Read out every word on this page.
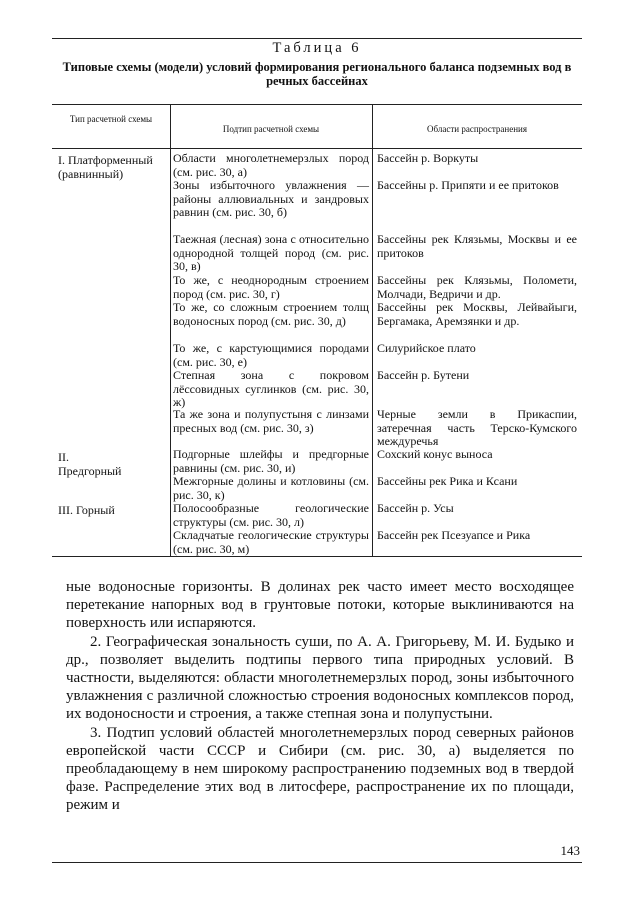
Таблица 6
Типовые схемы (модели) условий формирования регионального баланса подземных вод в речных бассейнах
Тип расчетной схемы
Подтип расчетной схемы	Области распространения
I. Платформенный (равнинный)
II. Предгорный
III. Горный
Области многолетнемерзлых пород (см. рис. 30, а)
Бассейн р. Воркуты
Зоны избыточного увлажнения — районы аллювиальных и зандровых равнин (см. рис. 30, б)
Бассейны р. Припяти и ее притоков
Таежная (лесная) зона с относительно однородной толщей пород (см. рис. 30, в)
Бассейны рек Клязьмы, Москвы и ее притоков
То же, с неоднородным строением пород (см. рис. 30, г)
Бассейны рек Клязьмы, Поломети, Молчади, Ведричи и др.
То же, со сложным строением толщ водоносных пород (см. рис. 30, д)
Бассейны рек Москвы, Лейвайыги, Бергамака, Аремзянки и др.
То же, с карстующимися породами (см. рис. 30, е)
Силурийское плато
Степная зона с покровом лёссовидных суглинков (см. рис. 30, ж)
Бассейн р. Бутени
Та же зона и полупустыня с линзами пресных вод (см. рис. 30, з)
Черные земли в Прикаспии, затеречная часть Терско-Кумского междуречья
Подгорные шлейфы и предгорные равнины (см. рис. 30, и)
Сохский конус выноса
Межгорные долины и котловины (см. рис. 30, к)
Бассейны рек Рика и Ксани
Полосообразные геологические структуры (см. рис. 30, л)
Бассейн р. Усы
Складчатые геологические структуры (см. рис. 30, м)
Бассейн рек Псезуапсе и Рика

ные водоносные горизонты. В долинах рек часто имеет место восходящее перетекание напорных вод в грунтовые потоки, которые выклиниваются на поверхность или испаряются.

2. Географическая зональность суши, по А. А. Григорьеву, М. И. Будыко и др., позволяет выделить подтипы первого типа природных условий. В частности, выделяются: области многолетнемерзлых пород, зоны избыточного увлажнения с различной сложностью строения водоносных комплексов пород, их водоносности и строения, а также степная зона и полупустыни.

3. Подтип условий областей многолетнемерзлых пород северных районов европейской части СССР и Сибири (см. рис. 30, а) выделяется по преобладающему в нем широкому распространению подземных вод в твердой фазе. Распределение этих вод в литосфере, распространение их по площади, режим и

143
